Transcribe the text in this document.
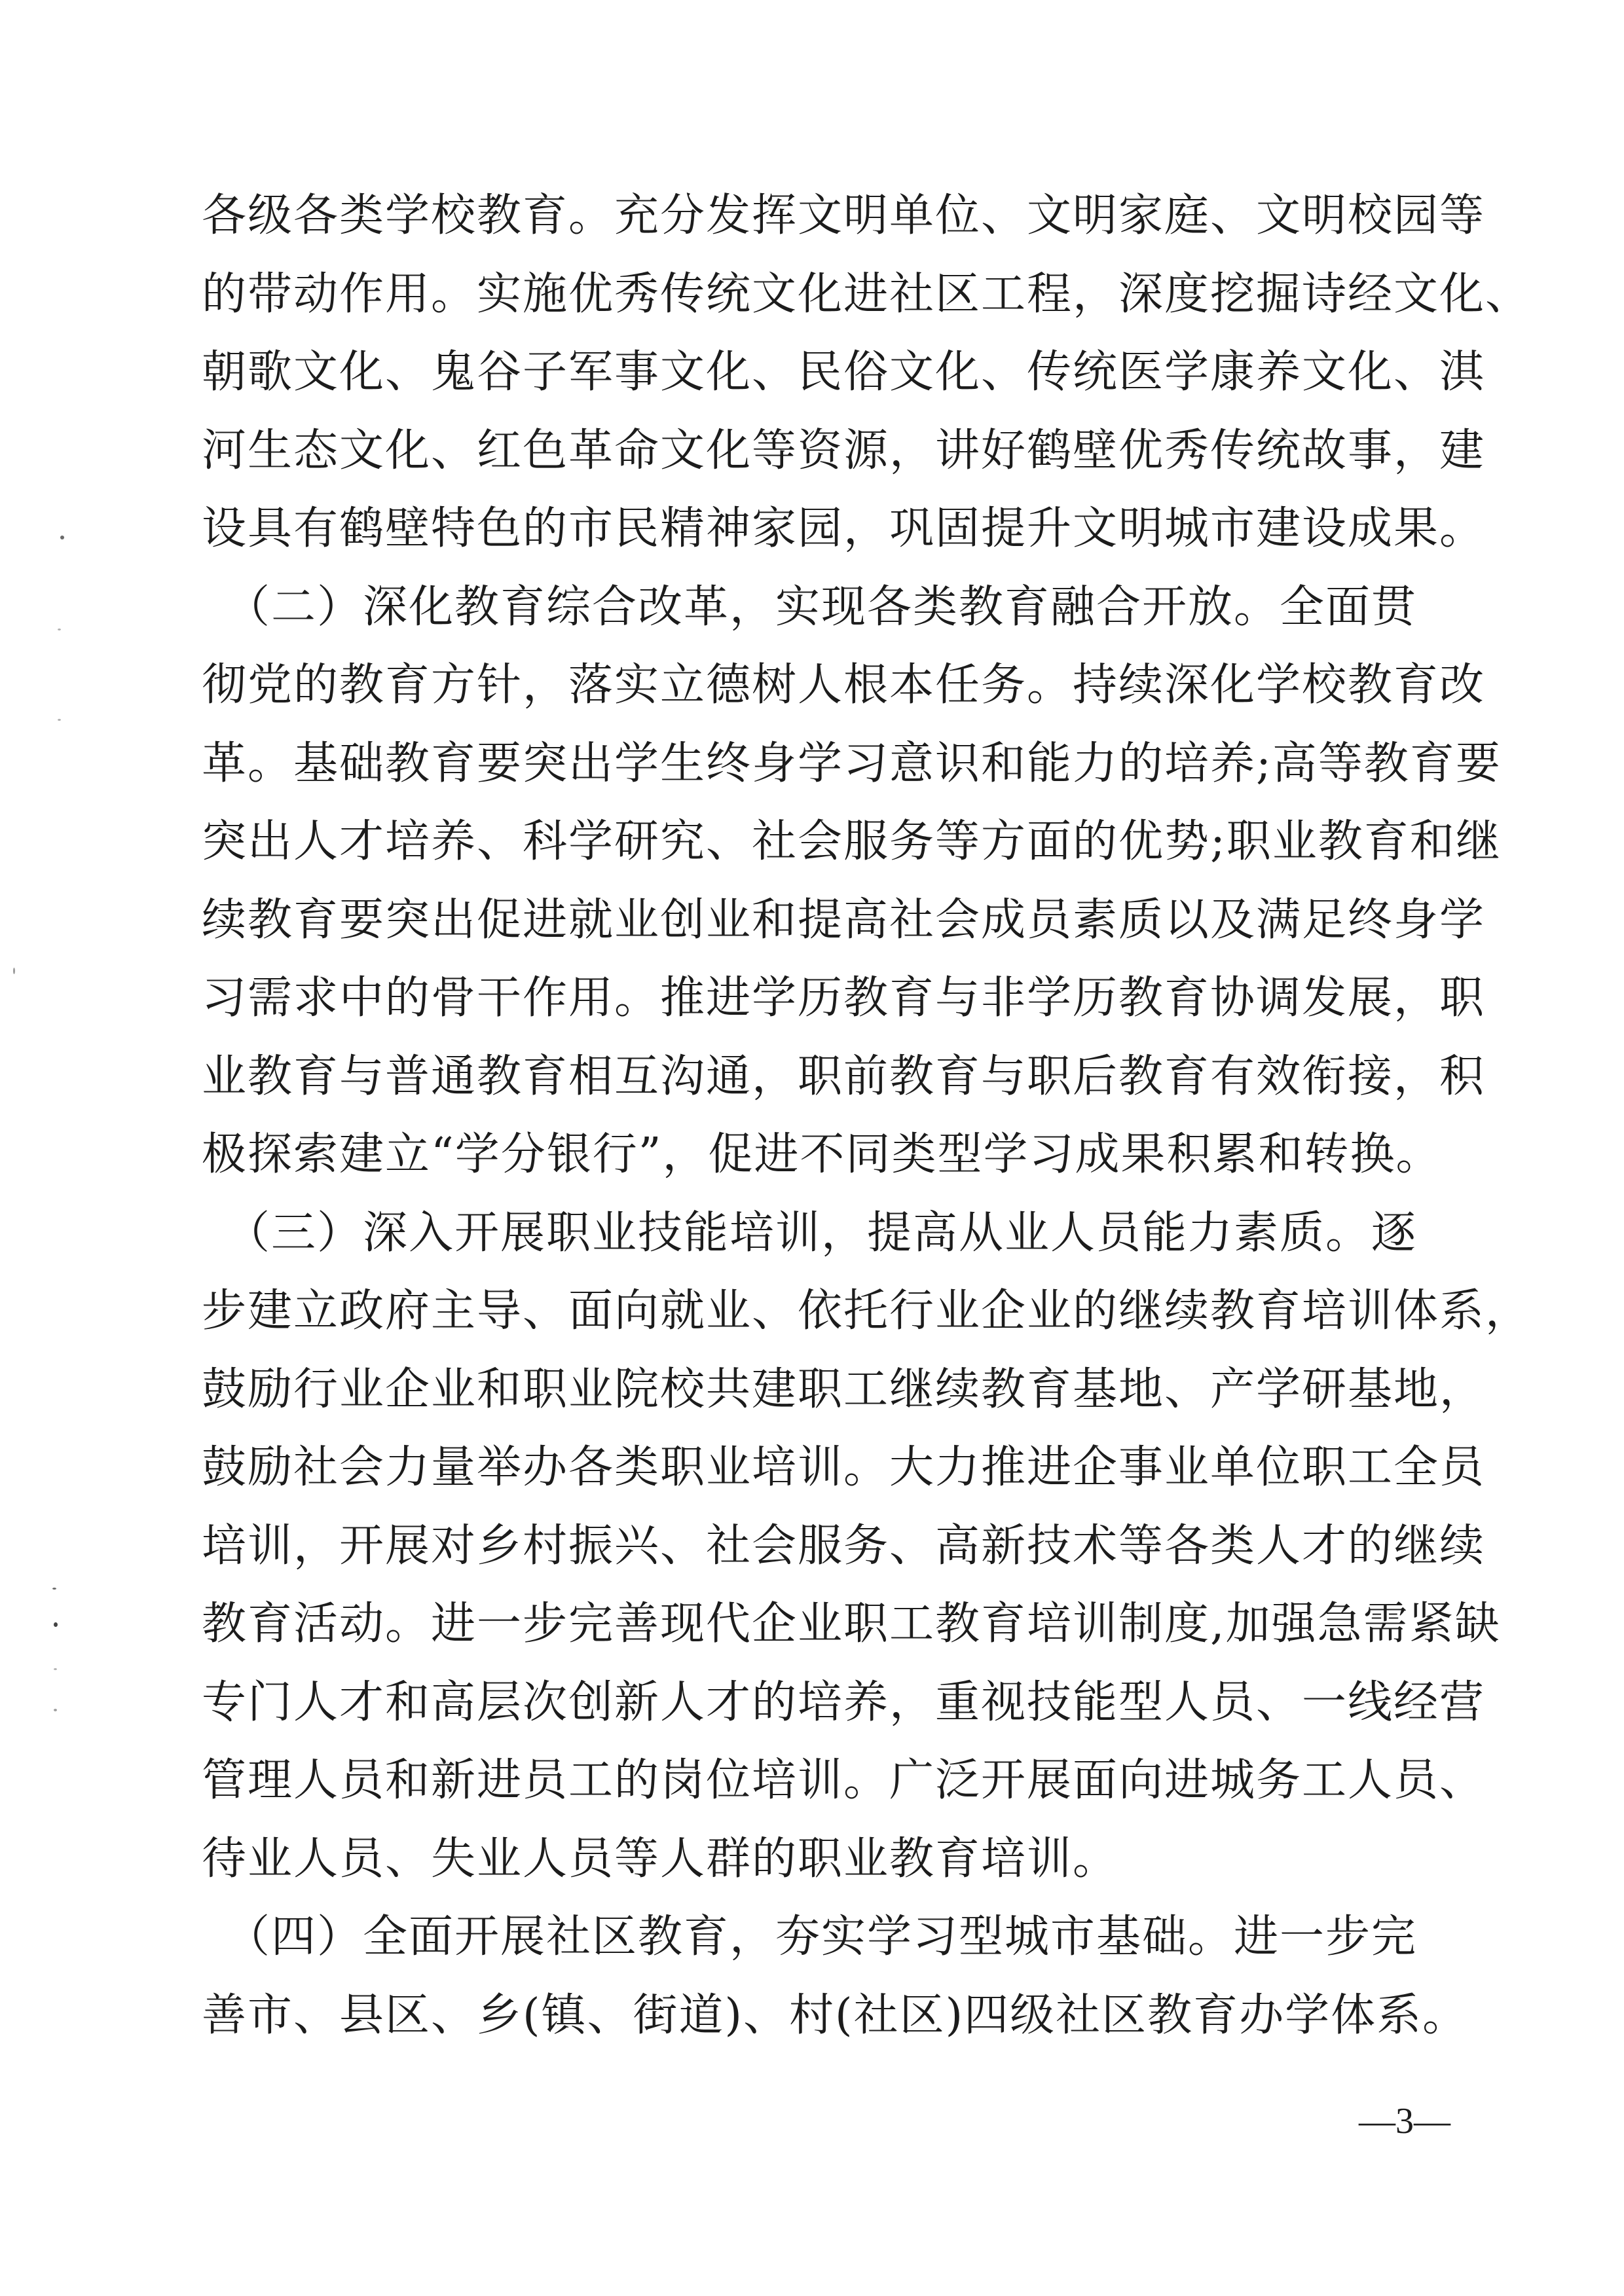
各级各类学校教育。充分发挥文明单位、文明家庭、文明校园等
的带动作用。实施优秀传统文化进社区工程，深度挖掘诗经文化、
朝歌文化、鬼谷子军事文化、民俗文化、传统医学康养文化、淇
河生态文化、红色革命文化等资源，讲好鹤壁优秀传统故事，建
设具有鹤壁特色的市民精神家园，巩固提升文明城市建设成果。
　（二）深化教育综合改革，实现各类教育融合开放。全面贯
彻党的教育方针，落实立德树人根本任务。持续深化学校教育改
革。基础教育要突出学生终身学习意识和能力的培养;高等教育要
突出人才培养、科学研究、社会服务等方面的优势;职业教育和继
续教育要突出促进就业创业和提高社会成员素质以及满足终身学
习需求中的骨干作用。推进学历教育与非学历教育协调发展，职
业教育与普通教育相互沟通，职前教育与职后教育有效衔接，积
极探索建立“学分银行”，促进不同类型学习成果积累和转换。
　（三）深入开展职业技能培训，提高从业人员能力素质。逐
步建立政府主导、面向就业、依托行业企业的继续教育培训体系，
鼓励行业企业和职业院校共建职工继续教育基地、产学研基地，
鼓励社会力量举办各类职业培训。大力推进企事业单位职工全员
培训，开展对乡村振兴、社会服务、高新技术等各类人才的继续
教育活动。进一步完善现代企业职工教育培训制度,加强急需紧缺
专门人才和高层次创新人才的培养，重视技能型人员、一线经营
管理人员和新进员工的岗位培训。广泛开展面向进城务工人员、
待业人员、失业人员等人群的职业教育培训。
　（四）全面开展社区教育，夯实学习型城市基础。进一步完
善市、县区、乡(镇、街道)、村(社区)四级社区教育办学体系。
—3—
